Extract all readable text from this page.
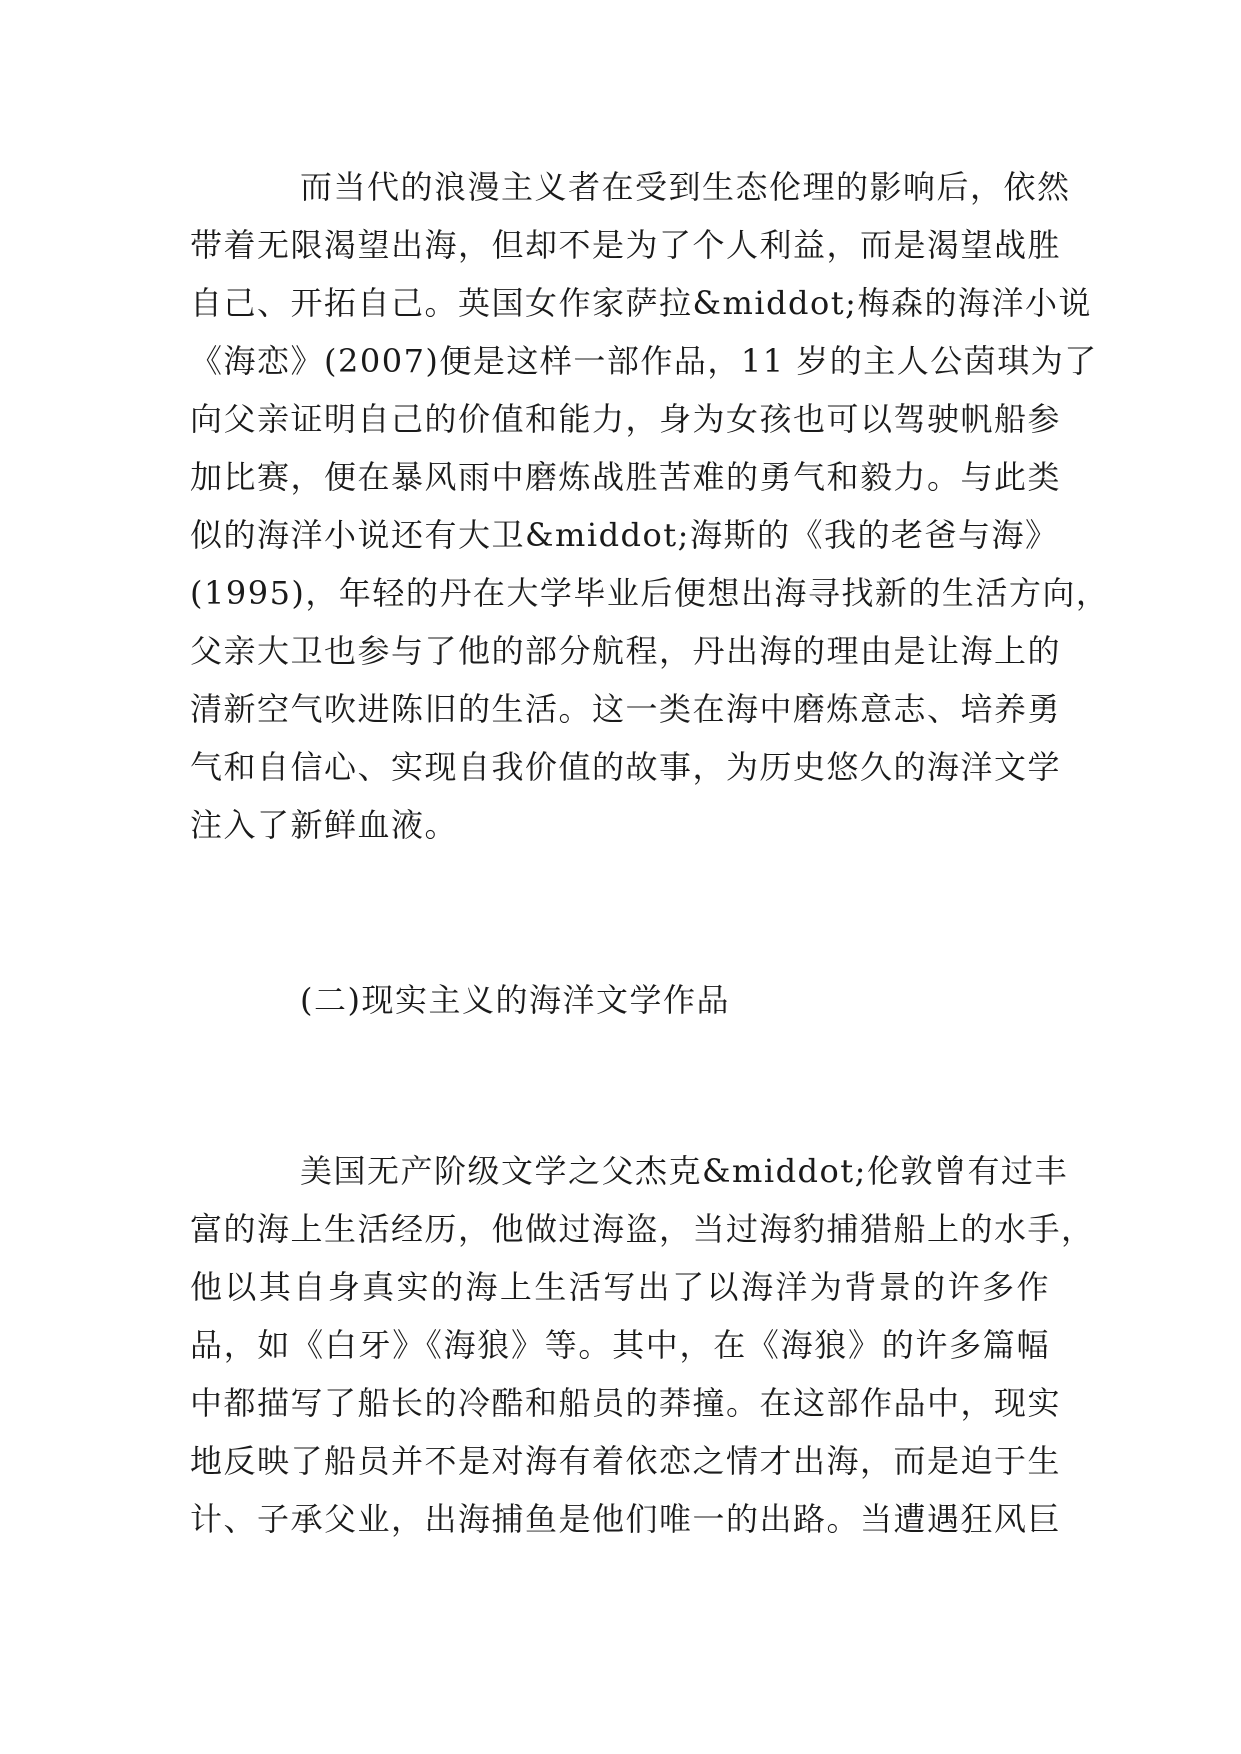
而当代的浪漫主义者在受到生态伦理的影响后，依然
带着无限渴望出海，但却不是为了个人利益，而是渴望战胜
自己、开拓自己。英国女作家萨拉&middot;梅森的海洋小说
《海恋》(2007)便是这样一部作品，11 岁的主人公茵琪为了
向父亲证明自己的价值和能力，身为女孩也可以驾驶帆船参
加比赛，便在暴风雨中磨炼战胜苦难的勇气和毅力。与此类
似的海洋小说还有大卫&middot;海斯的《我的老爸与海》
(1995)，年轻的丹在大学毕业后便想出海寻找新的生活方向，
父亲大卫也参与了他的部分航程，丹出海的理由是让海上的
清新空气吹进陈旧的生活。这一类在海中磨炼意志、培养勇
气和自信心、实现自我价值的故事，为历史悠久的海洋文学
注入了新鲜血液。
(二)现实主义的海洋文学作品
美国无产阶级文学之父杰克&middot;伦敦曾有过丰
富的海上生活经历，他做过海盗，当过海豹捕猎船上的水手，
他以其自身真实的海上生活写出了以海洋为背景的许多作
品，如《白牙》《海狼》等。其中，在《海狼》的许多篇幅
中都描写了船长的冷酷和船员的莽撞。在这部作品中，现实
地反映了船员并不是对海有着依恋之情才出海，而是迫于生
计、子承父业，出海捕鱼是他们唯一的出路。当遭遇狂风巨
